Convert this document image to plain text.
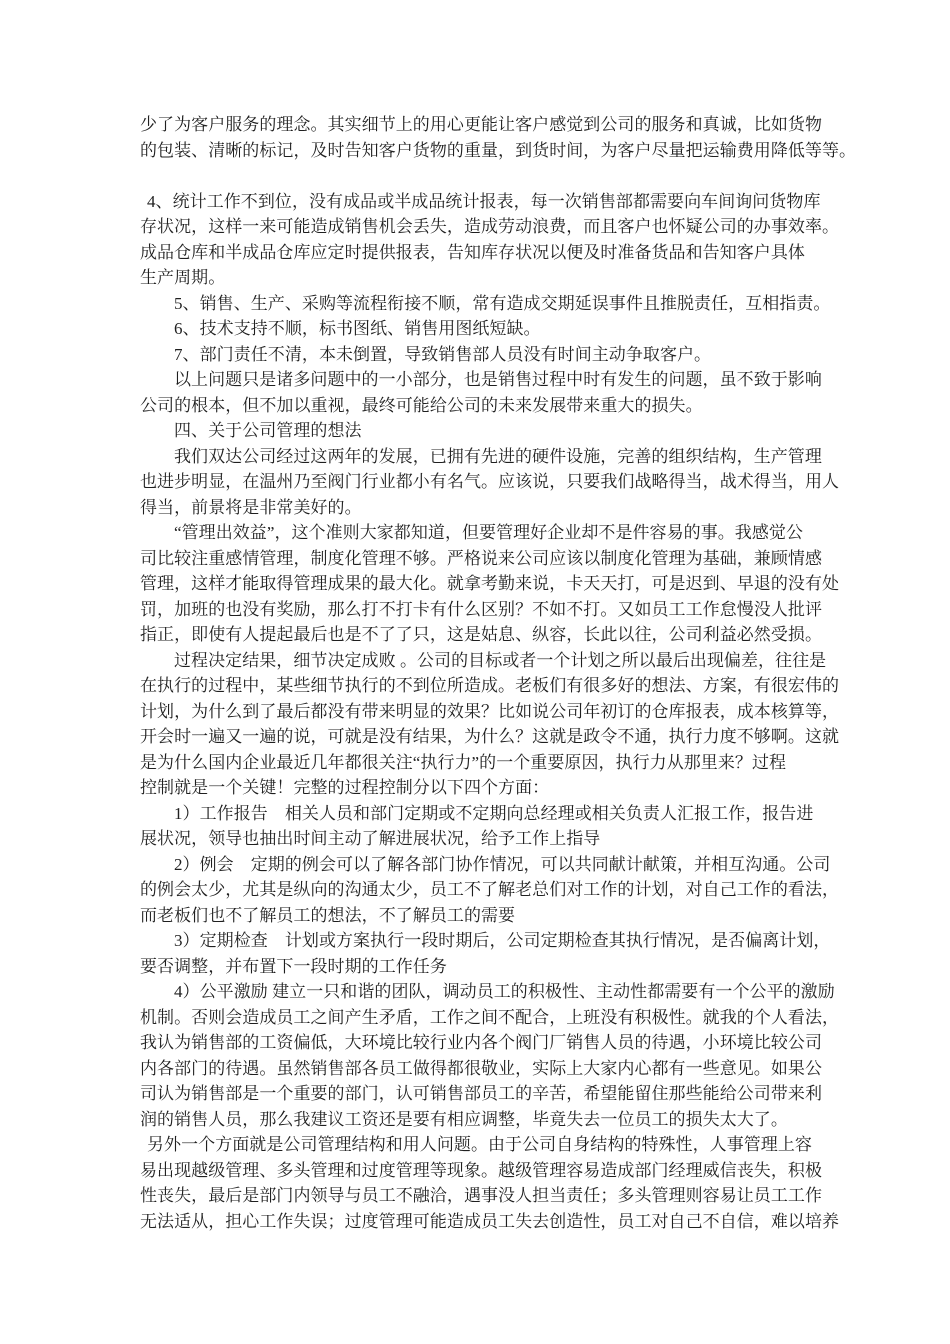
少了为客户服务的理念。其实细节上的用心更能让客户感觉到公司的服务和真诚，比如货物
的包装、清晰的标记，及时告知客户货物的重量，到货时间，为客户尽量把运输费用降低等等。
4、统计工作不到位，没有成品或半成品统计报表，每一次销售部都需要向车间询问货物库
存状况，这样一来可能造成销售机会丢失，造成劳动浪费，而且客户也怀疑公司的办事效率。
成品仓库和半成品仓库应定时提供报表，告知库存状况以便及时准备货品和告知客户具体
生产周期。
5、销售、生产、采购等流程衔接不顺，常有造成交期延误事件且推脱责任，互相指责。
6、技术支持不顺，标书图纸、销售用图纸短缺。
7、部门责任不清，本未倒置，导致销售部人员没有时间主动争取客户。
以上问题只是诸多问题中的一小部分，也是销售过程中时有发生的问题，虽不致于影响
公司的根本，但不加以重视，最终可能给公司的未来发展带来重大的损失。
四、关于公司管理的想法
我们双达公司经过这两年的发展，已拥有先进的硬件设施，完善的组织结构，生产管理
也进步明显，在温州乃至阀门行业都小有名气。应该说，只要我们战略得当，战术得当，用人
得当，前景将是非常美好的。
“管理出效益”，这个准则大家都知道，但要管理好企业却不是件容易的事。我感觉公
司比较注重感情管理，制度化管理不够。严格说来公司应该以制度化管理为基础，兼顾情感
管理，这样才能取得管理成果的最大化。就拿考勤来说，卡天天打，可是迟到、早退的没有处
罚，加班的也没有奖励，那么打不打卡有什么区别？不如不打。又如员工工作怠慢没人批评
指正，即使有人提起最后也是不了了只，这是姑息、纵容，长此以往，公司利益必然受损。
过程决定结果，细节决定成败 。公司的目标或者一个计划之所以最后出现偏差，往往是
在执行的过程中，某些细节执行的不到位所造成。老板们有很多好的想法、方案，有很宏伟的
计划，为什么到了最后都没有带来明显的效果？比如说公司年初订的仓库报表，成本核算等，
开会时一遍又一遍的说，可就是没有结果，为什么？这就是政令不通，执行力度不够啊。这就
是为什么国内企业最近几年都很关注“执行力”的一个重要原因，执行力从那里来？过程
控制就是一个关键！完整的过程控制分以下四个方面：
1）工作报告　相关人员和部门定期或不定期向总经理或相关负责人汇报工作，报告进
展状况，领导也抽出时间主动了解进展状况，给予工作上指导
2）例会　定期的例会可以了解各部门协作情况，可以共同献计献策，并相互沟通。公司
的例会太少，尤其是纵向的沟通太少，员工不了解老总们对工作的计划，对自己工作的看法，
而老板们也不了解员工的想法，不了解员工的需要
3）定期检查　计划或方案执行一段时期后，公司定期检查其执行情况，是否偏离计划，
要否调整，并布置下一段时期的工作任务
4）公平激励 建立一只和谐的团队，调动员工的积极性、主动性都需要有一个公平的激励
机制。否则会造成员工之间产生矛盾，工作之间不配合，上班没有积极性。就我的个人看法，
我认为销售部的工资偏低，大环境比较行业内各个阀门厂销售人员的待遇，小环境比较公司
内各部门的待遇。虽然销售部各员工做得都很敬业，实际上大家内心都有一些意见。如果公
司认为销售部是一个重要的部门，认可销售部员工的辛苦，希望能留住那些能给公司带来利
润的销售人员，那么我建议工资还是要有相应调整，毕竟失去一位员工的损失太大了。
另外一个方面就是公司管理结构和用人问题。由于公司自身结构的特殊性，人事管理上容
易出现越级管理、多头管理和过度管理等现象。越级管理容易造成部门经理威信丧失，积极
性丧失，最后是部门内领导与员工不融洽，遇事没人担当责任；多头管理则容易让员工工作
无法适从，担心工作失误；过度管理可能造成员工失去创造性，员工对自己不自信，难以培养
